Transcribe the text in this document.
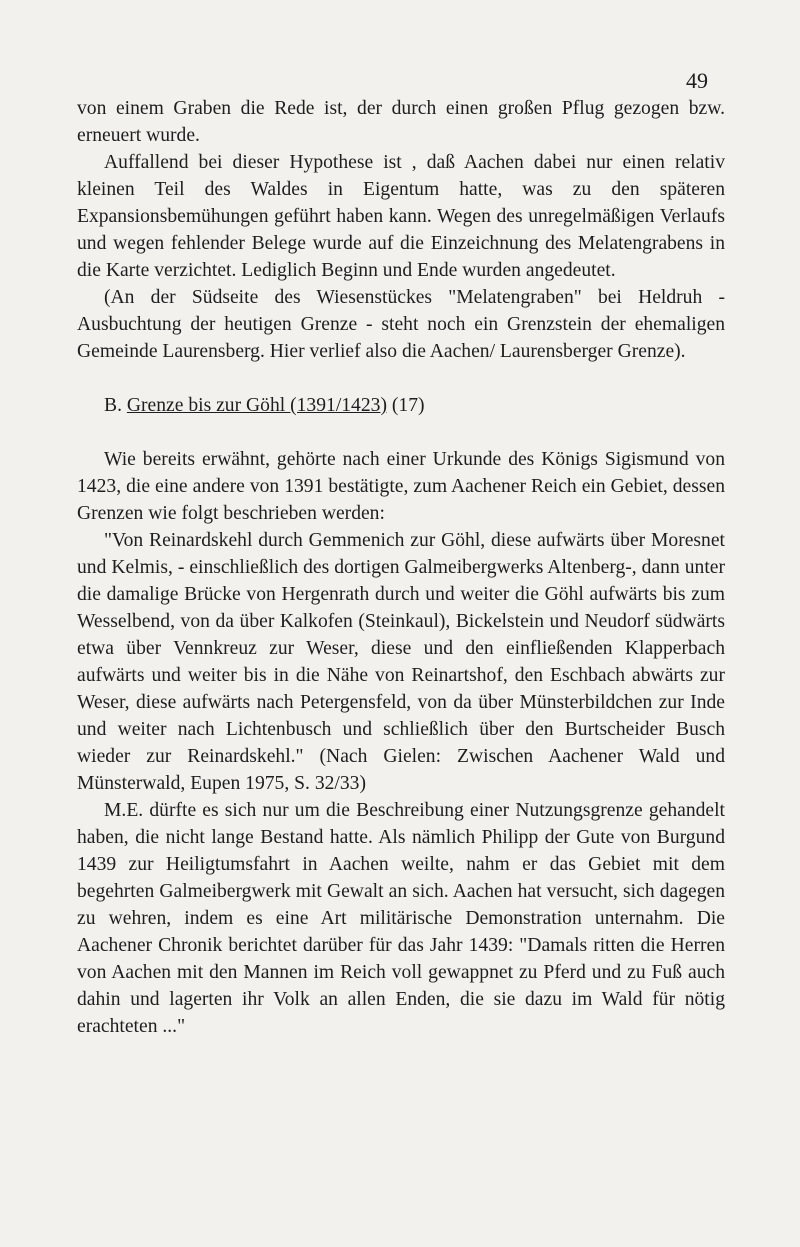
49

von einem Graben die Rede ist, der durch einen großen Pflug gezogen bzw. erneuert wurde.

Auffallend bei dieser Hypothese ist , daß Aachen dabei nur einen relativ kleinen Teil des Waldes in Eigentum hatte, was zu den späteren Expansionsbemühungen geführt haben kann. Wegen des unregelmäßigen Verlaufs und wegen fehlender Belege wurde auf die Einzeichnung des Melatengrabens in die Karte verzichtet. Lediglich Beginn und Ende wurden angedeutet.

(An der Südseite des Wiesenstückes "Melatengraben" bei Heldruh - Ausbuchtung der heutigen Grenze - steht noch ein Grenzstein der ehemaligen Gemeinde Laurensberg. Hier verlief also die Aachen/ Laurensberger Grenze).

B. Grenze bis zur Göhl (1391/1423) (17)

Wie bereits erwähnt, gehörte nach einer Urkunde des Königs Sigismund von 1423, die eine andere von 1391 bestätigte, zum Aachener Reich ein Gebiet, dessen Grenzen wie folgt beschrieben werden:

"Von Reinardskehl durch Gemmenich zur Göhl, diese aufwärts über Moresnet und Kelmis, - einschließlich des dortigen Galmeibergwerks Altenberg-, dann unter die damalige Brücke von Hergenrath durch und weiter die Göhl aufwärts bis zum Wesselbend, von da über Kalkofen (Steinkaul), Bickelstein und Neudorf südwärts etwa über Vennkreuz zur Weser, diese und den einfließenden Klapperbach aufwärts und weiter bis in die Nähe von Reinartshof, den Eschbach abwärts zur Weser, diese aufwärts nach Petergensfeld, von da über Münsterbildchen zur Inde und weiter nach Lichtenbusch und schließlich über den Burtscheider Busch wieder zur Reinardskehl." (Nach Gielen: Zwischen Aachener Wald und Münsterwald, Eupen 1975, S. 32/33)

M.E. dürfte es sich nur um die Beschreibung einer Nutzungsgrenze gehandelt haben, die nicht lange Bestand hatte. Als nämlich Philipp der Gute von Burgund 1439 zur Heiligtumsfahrt in Aachen weilte, nahm er das Gebiet mit dem begehrten Galmeibergwerk mit Gewalt an sich. Aachen hat versucht, sich dagegen zu wehren, indem es eine Art militärische Demonstration unternahm. Die Aachener Chronik berichtet darüber für das Jahr 1439: "Damals ritten die Herren von Aachen mit den Mannen im Reich voll gewappnet zu Pferd und zu Fuß auch dahin und lagerten ihr Volk an allen Enden, die sie dazu im Wald für nötig erachteten ..."
